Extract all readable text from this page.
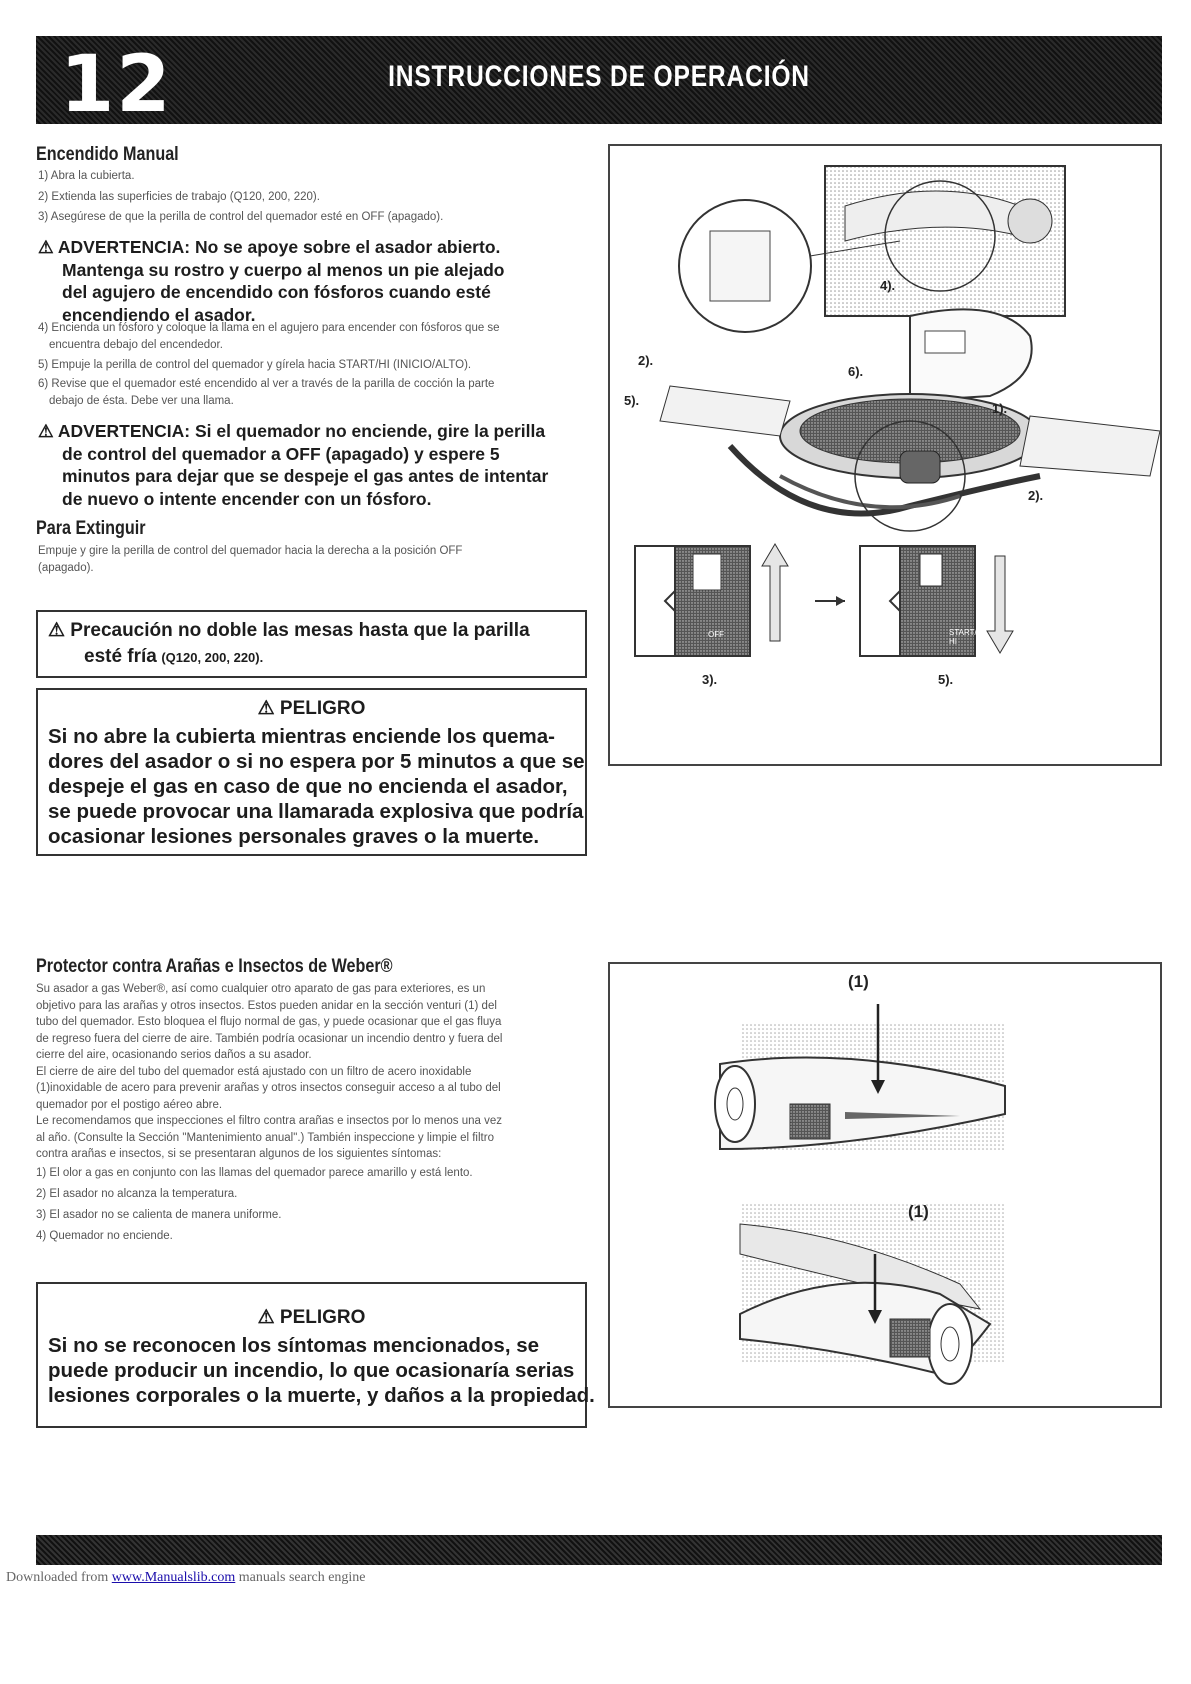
12	INSTRUCCIONES DE OPERACIÓN
Encendido Manual
1) Abra la cubierta.
2) Extienda las superficies de trabajo (Q120, 200, 220).
3) Asegúrese de que la perilla de control del quemador esté en OFF (apagado).
⚠ ADVERTENCIA: No se apoye sobre el asador abierto.
Mantenga su rostro y cuerpo al menos un pie alejado
del agujero de encendido con fósforos cuando esté
encendiendo el asador.
4) Encienda un fósforo y coloque la llama en el agujero para encender con fósforos que se
encuentra debajo del encendedor.
5) Empuje la perilla de control del quemador y gírela hacia START/HI (INICIO/ALTO).
6) Revise que el quemador esté encendido al ver a través de la parilla de cocción la parte
debajo de ésta. Debe ver una llama.
⚠ ADVERTENCIA: Si el quemador no enciende, gire la perilla
de control del quemador a OFF (apagado) y espere 5
minutos para dejar que se despeje el gas antes de intentar
de nuevo o intente encender con un fósforo.
Para Extinguir
Empuje y gire la perilla de control del quemador hacia la derecha a la posición OFF
(apagado).
⚠ Precaución no doble las mesas hasta que la parilla
esté fría (Q120, 200, 220).
⚠ PELIGRO
Si no abre la cubierta mientras enciende los quema-
dores del asador o si no espera por 5 minutos a que se
despeje el gas en caso de que no encienda el asador,
se puede provocar una llamarada explosiva que podría
ocasionar lesiones personales graves o la muerte.
4).
2).
6).
5).
1).
2).
3).	5).
OFF	START/ HI
Protector contra Arañas e Insectos de Weber®
Su asador a gas Weber®, así como cualquier otro aparato de gas para exteriores, es un
objetivo para las arañas y otros insectos. Estos pueden anidar en la sección venturi (1) del
tubo del quemador. Esto bloquea el flujo normal de gas, y puede ocasionar que el gas fluya
de regreso fuera del cierre de aire. También podría ocasionar un incendio dentro y fuera del
cierre del aire, ocasionando serios daños a su asador.
El cierre de aire del tubo del quemador está ajustado con un filtro de acero inoxidable
(1)inoxidable de acero para prevenir arañas y otros insectos conseguir acceso a al tubo del
quemador por el postigo aéreo abre.
Le recomendamos que inspecciones el filtro contra arañas e insectos por lo menos una vez
al año. (Consulte la Sección "Mantenimiento anual".) También inspeccione y limpie el filtro
contra arañas e insectos, si se presentaran algunos de los siguientes síntomas:
1) El olor a gas en conjunto con las llamas del quemador parece amarillo y está lento.
2) El asador no alcanza la temperatura.
3) El asador no se calienta de manera uniforme.
4) Quemador no enciende.
⚠ PELIGRO
Si no se reconocen los síntomas mencionados, se
puede producir un incendio, lo que ocasionaría serias
lesiones corporales o la muerte, y daños a la propiedad.
(1)
(1)
Downloaded from www.Manualslib.com manuals search engine
